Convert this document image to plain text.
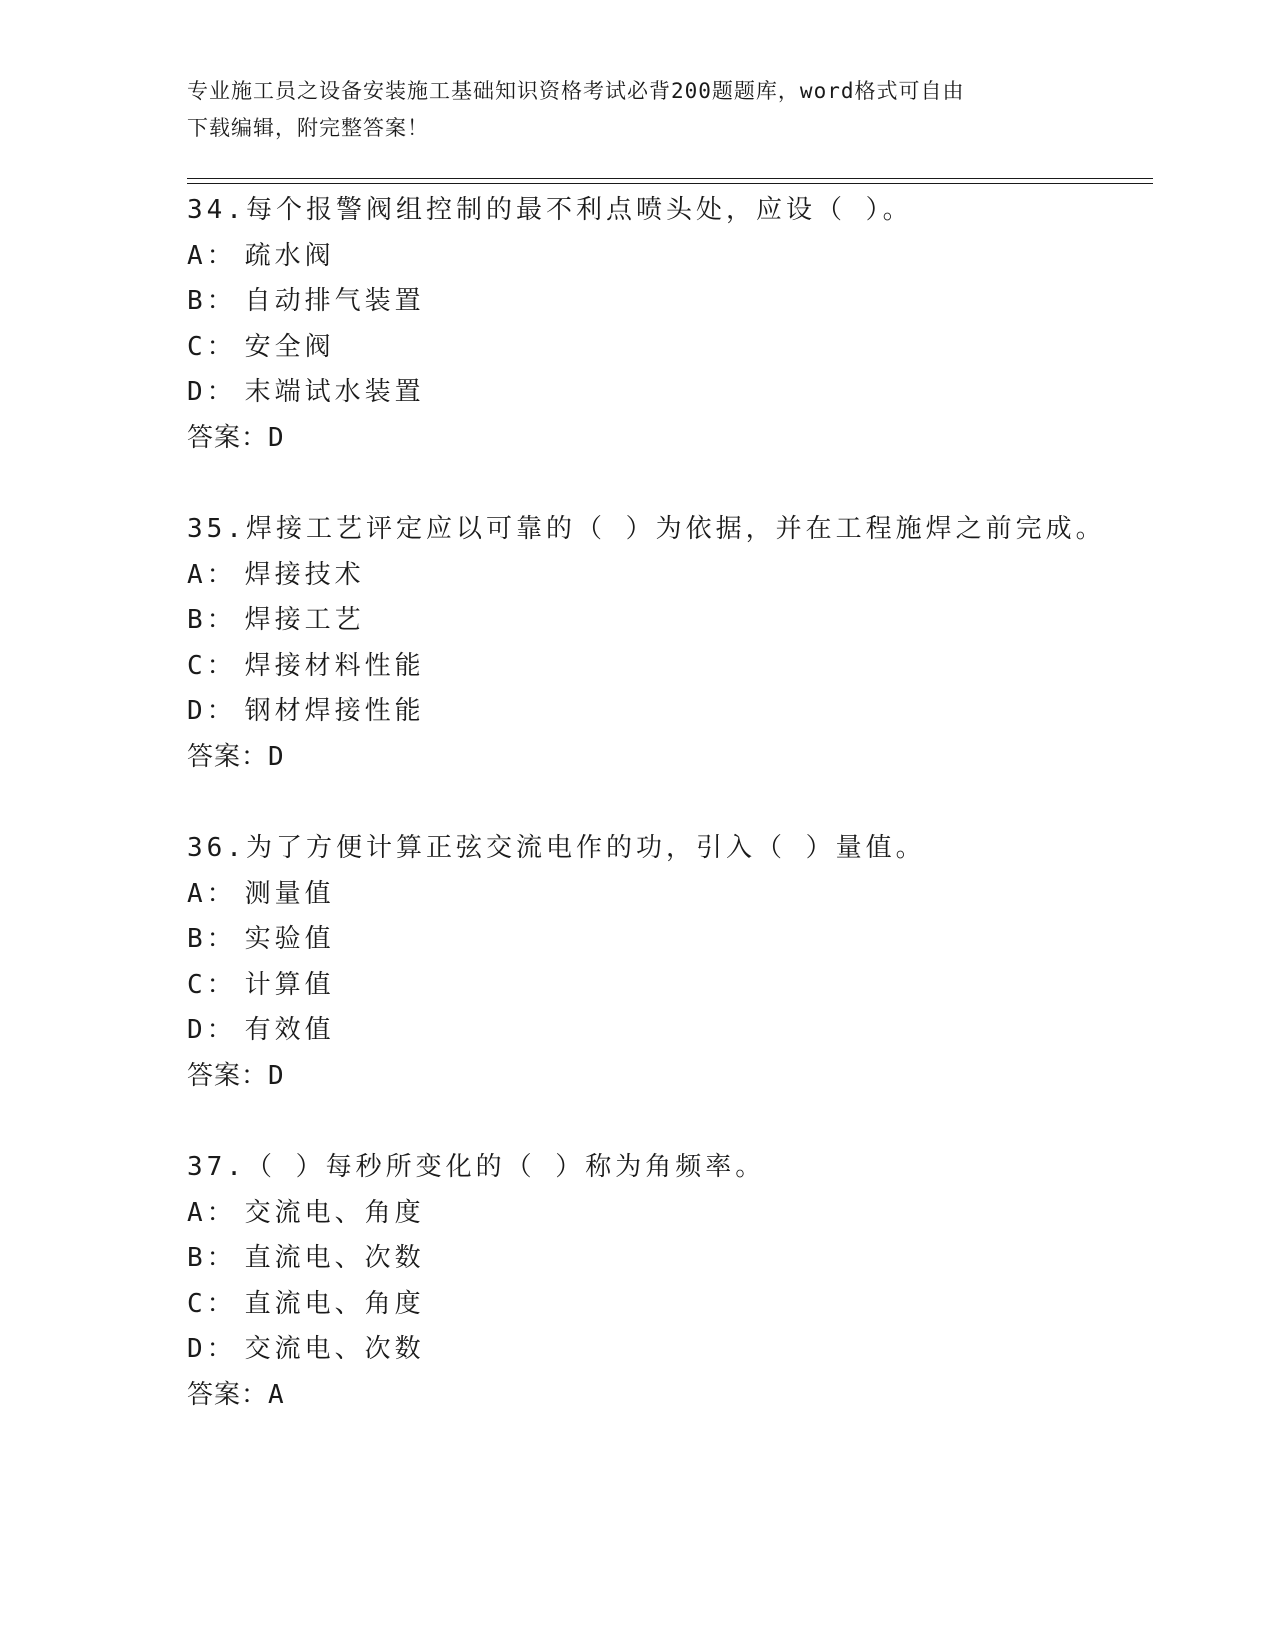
专业施工员之设备安装施工基础知识资格考试必背200题题库，word格式可自由

下载编辑，附完整答案！

34.每个报警阀组控制的最不利点喷头处，应设（ ）。
A： 疏水阀
B： 自动排气装置
C： 安全阀
D： 末端试水装置
答案：D
35.焊接工艺评定应以可靠的（ ）为依据，并在工程施焊之前完成。
A： 焊接技术
B： 焊接工艺
C： 焊接材料性能
D： 钢材焊接性能
答案：D
36.为了方便计算正弦交流电作的功，引入（ ）量值。
A： 测量值
B： 实验值
C： 计算值
D： 有效值
答案：D
37.（ ）每秒所变化的（ ）称为角频率。
A： 交流电、角度
B： 直流电、次数
C： 直流电、角度
D： 交流电、次数
答案：A
